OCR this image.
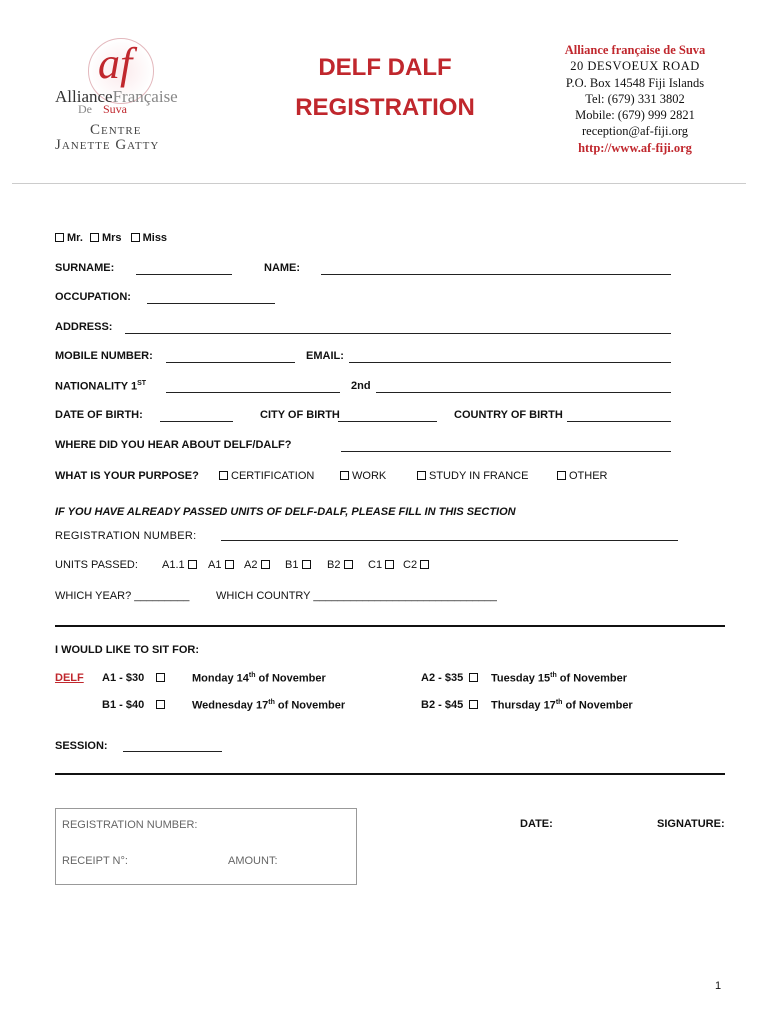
af
AllianceFrançaise
De Suva
Centre
Janette Gatty
DELF DALF
REGISTRATION
Alliance française de Suva
20 DESVOEUX ROAD
P.O. Box 14548 Fiji Islands
Tel: (679) 331 3802
Mobile: (679) 999 2821
reception@af-fiji.org
http://www.af-fiji.org
Mr. Mrs Miss
SURNAME:	NAME:
OCCUPATION:
ADDRESS:
MOBILE NUMBER:	EMAIL:
NATIONALITY 1ST	2nd
DATE OF BIRTH:	CITY OF BIRTH	COUNTRY OF BIRTH
WHERE DID YOU HEAR ABOUT DELF/DALF?
WHAT IS YOUR PURPOSE?	CERTIFICATION	WORK	STUDY IN FRANCE	OTHER
IF YOU HAVE ALREADY PASSED UNITS OF DELF-DALF, PLEASE FILL IN THIS SECTION
REGISTRATION NUMBER:
UNITS PASSED: A1.1	A1	A2	B1	B2	C1	C2
WHICH YEAR? _________ WHICH COUNTRY ______________________________
I WOULD LIKE TO SIT FOR:
DELF A1 - $30	Monday 14th of November	A2 - $35	Tuesday 15th of November
B1 - $40	Wednesday 17th of November	B2 - $45	Thursday 17th of November
SESSION:
REGISTRATION NUMBER:
RECEIPT N°:	AMOUNT:
DATE:	SIGNATURE:
1
